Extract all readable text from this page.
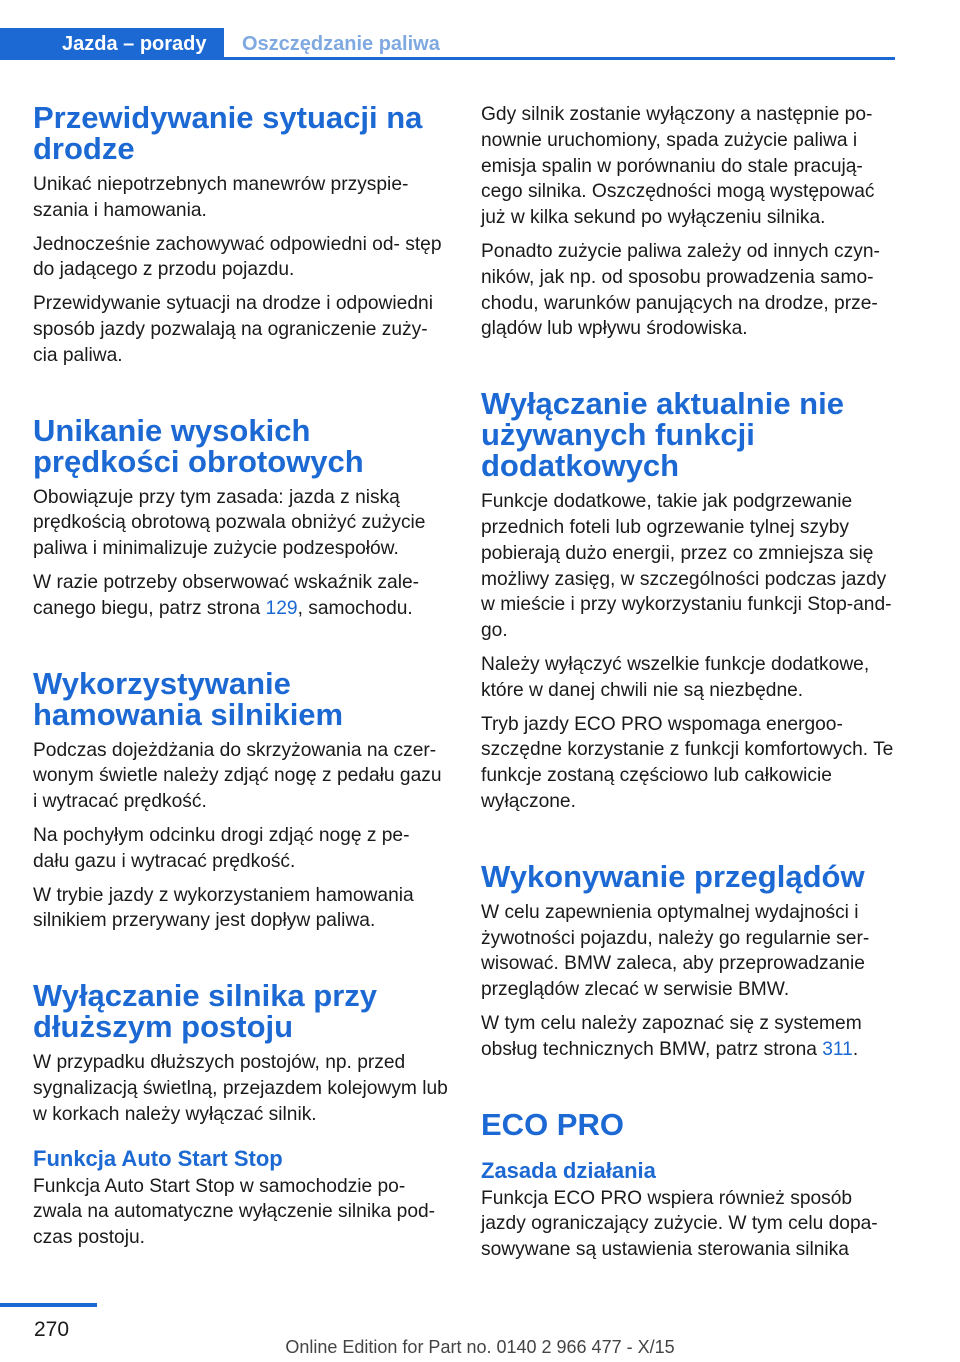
Jazda – porady	Oszczędzanie paliwa
Przewidywanie sytuacji na drodze

Unikać niepotrzebnych manewrów przyspie‐ szania i hamowania.

Jednocześnie zachowywać odpowiedni od‐ stęp do jadącego z przodu pojazdu.

Przewidywanie sytuacji na drodze i odpowiedni sposób jazdy pozwalają na ograniczenie zuży‐ cia paliwa.

Unikanie wysokich prędkości obrotowych

Obowiązuje przy tym zasada: jazda z niską prędkością obrotową pozwala obniżyć zużycie paliwa i minimalizuje zużycie podzespołów.

W razie potrzeby obserwować wskaźnik zale‐ canego biegu, patrz strona 129, samochodu.

Wykorzystywanie hamowania silnikiem

Podczas dojeżdżania do skrzyżowania na czer‐ wonym świetle należy zdjąć nogę z pedału gazu i wytracać prędkość.

Na pochyłym odcinku drogi zdjąć nogę z pe‐ dału gazu i wytracać prędkość.

W trybie jazdy z wykorzystaniem hamowania silnikiem przerywany jest dopływ paliwa.

Wyłączanie silnika przy dłuższym postoju

W przypadku dłuższych postojów, np. przed sygnalizacją świetlną, przejazdem kolejowym lub w korkach należy wyłączać silnik.

Funkcja Auto Start Stop

Funkcja Auto Start Stop w samochodzie po‐ zwala na automatyczne wyłączenie silnika pod‐ czas postoju.

Gdy silnik zostanie wyłączony a następnie po‐ nownie uruchomiony, spada zużycie paliwa i emisja spalin w porównaniu do stale pracują‐ cego silnika. Oszczędności mogą występować już w kilka sekund po wyłączeniu silnika.

Ponadto zużycie paliwa zależy od innych czyn‐ ników, jak np. od sposobu prowadzenia samo‐ chodu, warunków panujących na drodze, prze‐ glądów lub wpływu środowiska.

Wyłączanie aktualnie nie używanych funkcji dodatkowych

Funkcje dodatkowe, takie jak podgrzewanie przednich foteli lub ogrzewanie tylnej szyby pobierają dużo energii, przez co zmniejsza się możliwy zasięg, w szczególności podczas jazdy w mieście i przy wykorzystaniu funkcji Stop-and-go.

Należy wyłączyć wszelkie funkcje dodatkowe, które w danej chwili nie są niezbędne.

Tryb jazdy ECO PRO wspomaga energoo‐ szczędne korzystanie z funkcji komfortowych. Te funkcje zostaną częściowo lub całkowicie wyłączone.

Wykonywanie przeglądów

W celu zapewnienia optymalnej wydajności i żywotności pojazdu, należy go regularnie ser‐ wisować. BMW zaleca, aby przeprowadzanie przeglądów zlecać w serwisie BMW.

W tym celu należy zapoznać się z systemem obsług technicznych BMW, patrz strona 311.

ECO PRO
Zasada działania

Funkcja ECO PRO wspiera również sposób jazdy ograniczający zużycie. W tym celu dopa‐ sowywane są ustawienia sterowania silnika

270
Online Edition for Part no. 0140 2 966 477 - X/15
